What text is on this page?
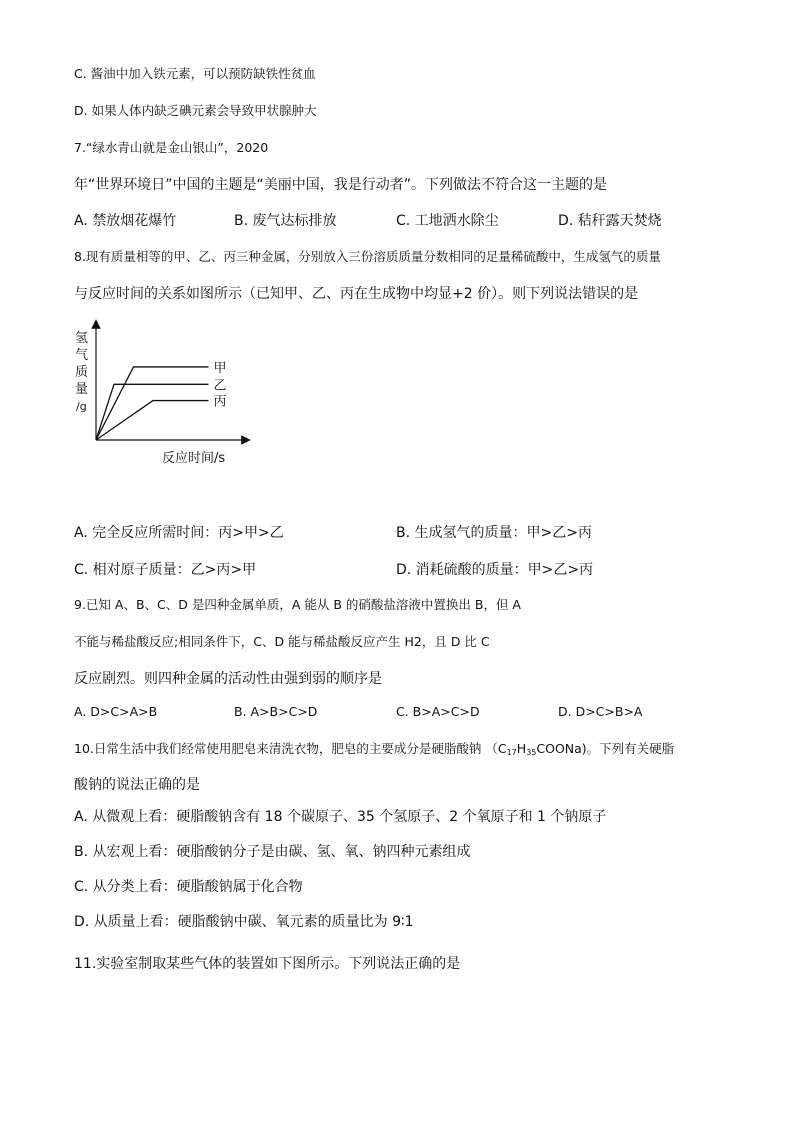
C. 酱油中加入铁元素，可以预防缺铁性贫血
D. 如果人体内缺乏碘元素会导致甲状腺肿大
7.“绿水青山就是金山银山”，2020
年“世界环境日”中国的主题是“美丽中国，我是行动者”。下列做法不符合这一主题的是
A. 禁放烟花爆竹	B. 废气达标排放	C. 工地洒水除尘	D. 秸秆露天焚烧
8.现有质量相等的甲、乙、丙三种金属，分别放入三份溶质质量分数相同的足量稀硫酸中，生成氢气的质量
与反应时间的关系如图所示（已知甲、乙、丙在生成物中均显+2 价）。则下列说法错误的是
氢
气
质
量
/g
反应时间/s
甲
乙
丙
A. 完全反应所需时间：丙>甲>乙	B. 生成氢气的质量：甲>乙>丙
C. 相对原子质量：乙>丙>甲	D. 消耗硫酸的质量：甲>乙>丙
9.已知 A、B、C、D 是四种金属单质，A 能从 B 的硝酸盐溶液中置换出 B，但 A
不能与稀盐酸反应;相同条件下，C、D 能与稀盐酸反应产生 H2，且 D 比 C
反应剧烈。则四种金属的活动性由强到弱的顺序是
A. D>C>A>B	B. A>B>C>D	C. B>A>C>D	D. D>C>B>A
10.日常生活中我们经常使用肥皂来清洗衣物，肥皂的主要成分是硬脂酸钠 $(C_{17}H_{35}COONa)$。下列有关硬脂
酸钠的说法正确的是
A. 从微观上看：硬脂酸钠含有 18 个碳原子、35 个氢原子、2 个氧原子和 1 个钠原子
B. 从宏观上看：硬脂酸钠分子是由碳、氢、氧、钠四种元素组成
C. 从分类上看：硬脂酸钠属于化合物
D. 从质量上看：硬脂酸钠中碳、氧元素的质量比为 9∶1
11.实验室制取某些气体的装置如下图所示。下列说法正确的是
